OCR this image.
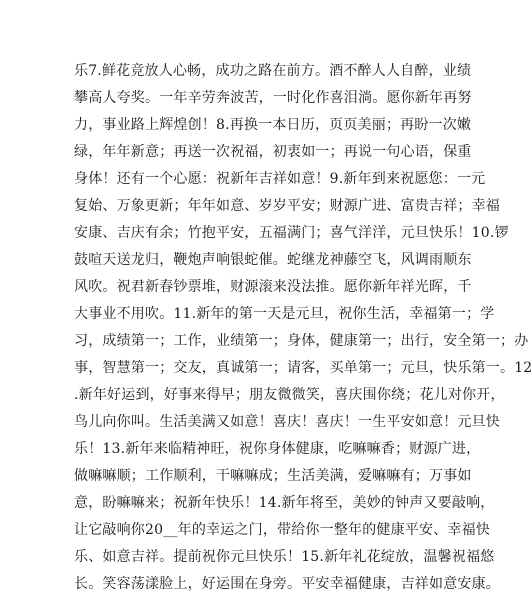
乐7.鲜花竞放人心畅，成功之路在前方。酒不醉人人自醉，业绩
攀高人夸奖。一年辛劳奔波苦，一时化作喜泪淌。愿你新年再努
力，事业路上辉煌创！8.再换一本日历，页页美丽；再盼一次嫩
绿，年年新意；再送一次祝福，初衷如一；再说一句心语，保重
身体！还有一个心愿：祝新年吉祥如意！9.新年到来祝愿您：一元
复始、万象更新；年年如意、岁岁平安；财源广进、富贵吉祥；幸福
安康、吉庆有余；竹抱平安，五福满门；喜气洋洋，元旦快乐！10.锣
鼓喧天送龙归，鞭炮声响银蛇催。蛇继龙神藤空飞，风调雨顺东
风吹。祝君新春钞票堆，财源滚来没法推。愿你新年祥光晖，千
大事业不用吹。11.新年的第一天是元旦，祝你生活，幸福第一；学
习，成绩第一；工作，业绩第一；身体，健康第一；出行，安全第一；办
事，智慧第一；交友，真诚第一；请客，买单第一；元旦，快乐第一。12
.新年好运到，好事来得早；朋友微微笑，喜庆围你绕；花儿对你开，
鸟儿向你叫。生活美满又如意！喜庆！喜庆！一生平安如意！元旦快
乐！13.新年来临精神旺，祝你身体健康，吃嘛嘛香；财源广进，
做嘛嘛顺；工作顺利，干嘛嘛成；生活美满，爱嘛嘛有；万事如
意，盼嘛嘛来；祝新年快乐！14.新年将至，美妙的钟声又要敲响，
让它敲响你20__年的幸运之门，带给你一整年的健康平安、幸福快
乐、如意吉祥。提前祝你元旦快乐！15.新年礼花绽放，温馨祝福悠
长。笑容荡漾脸上，好运围在身旁。平安幸福健康，吉祥如意安康。
